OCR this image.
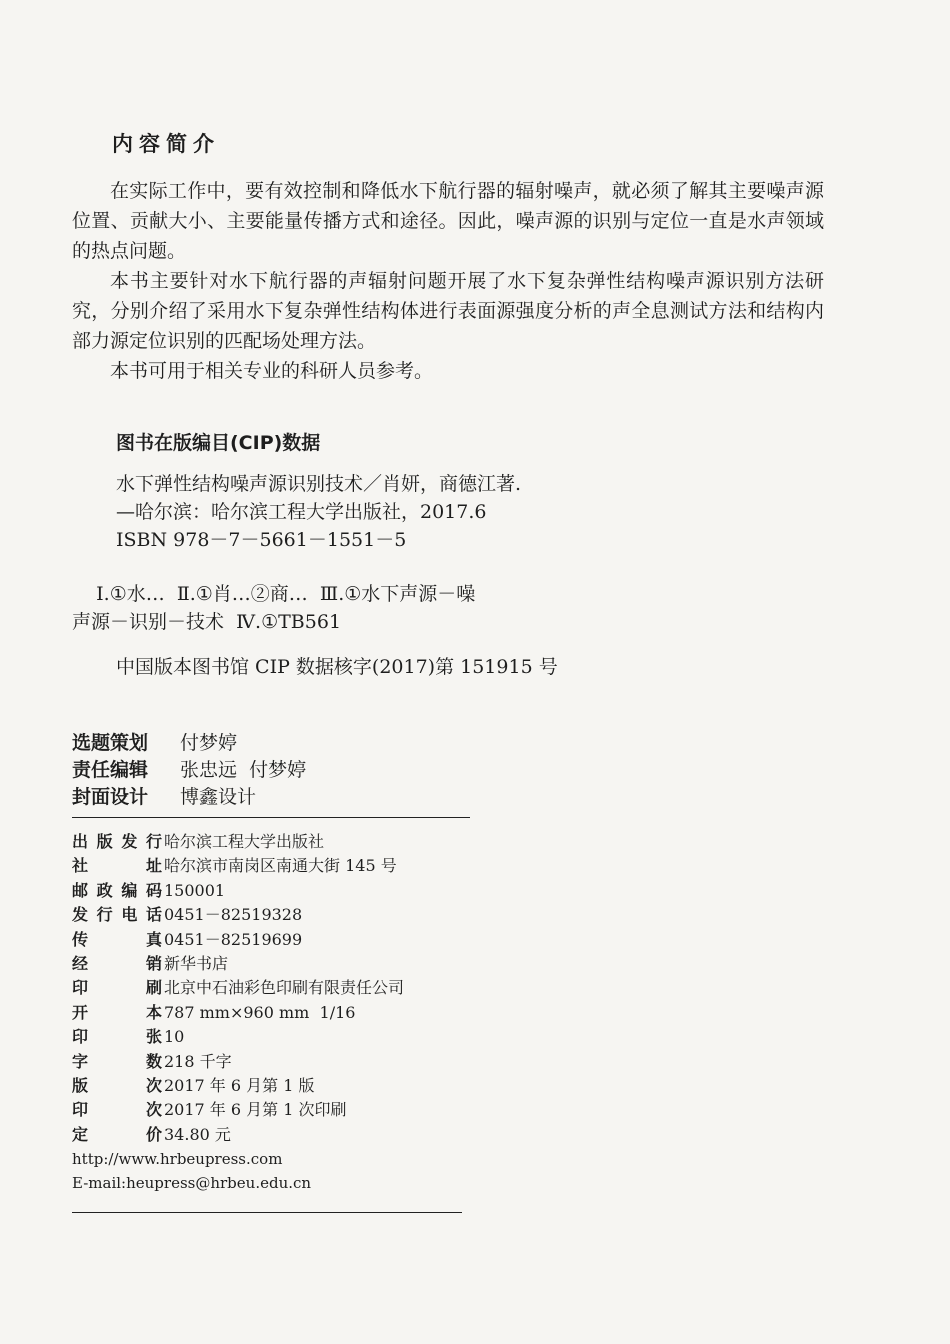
内容简介

在实际工作中，要有效控制和降低水下航行器的辐射噪声，就必须了解其主要噪声源位置、贡献大小、主要能量传播方式和途径。因此，噪声源的识别与定位一直是水声领域的热点问题。

本书主要针对水下航行器的声辐射问题开展了水下复杂弹性结构噪声源识别方法研究，分别介绍了采用水下复杂弹性结构体进行表面源强度分析的声全息测试方法和结构内部力源定位识别的匹配场处理方法。

本书可用于相关专业的科研人员参考。

图书在版编目(CIP)数据
水下弹性结构噪声源识别技术／肖妍，商德江著.
—哈尔滨：哈尔滨工程大学出版社，2017.6
ISBN 978－7－5661－1551－5
Ⅰ.①水…  Ⅱ.①肖…②商…  Ⅲ.①水下声源－噪
声源－识别－技术  Ⅳ.①TB561
中国版本图书馆 CIP 数据核字(2017)第 151915 号
选题策划	付梦婷
责任编辑	张忠远  付梦婷
封面设计	博鑫设计
出 版 发 行 哈尔滨工程大学出版社
社	址 哈尔滨市南岗区南通大街 145 号
邮 政 编 码 150001
发 行 电 话 0451－82519328
传	真 0451－82519699
经	销 新华书店
印	刷 北京中石油彩色印刷有限责任公司
开	本 787 mm×960 mm  1/16
印	张 10
字	数 218 千字
版	次 2017 年 6 月第 1 版
印	次 2017 年 6 月第 1 次印刷
定	价 34.80 元
http://www.hrbeupress.com
E-mail:heupress@hrbeu.edu.cn
